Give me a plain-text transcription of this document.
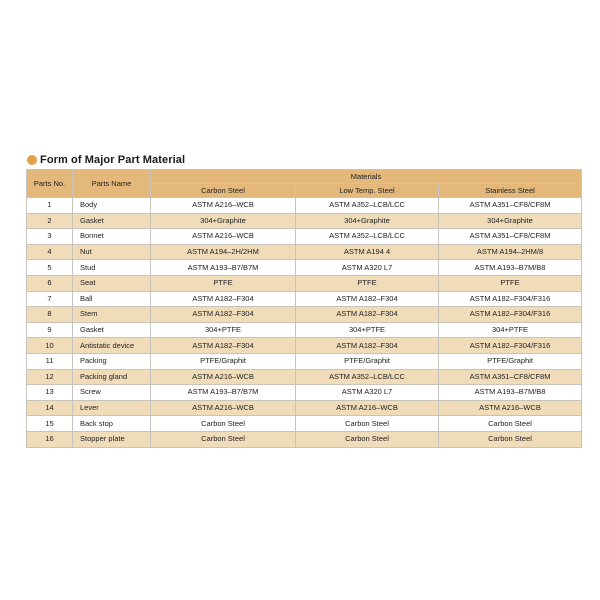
Form of Major Part Material
Parts No.	Parts Name	Materials		
		Carbon Steel	Low Temp. Steel	Stainless Steel
1	Body	ASTM A216–WCB	ASTM A352–LCB/LCC	ASTM A351–CF8/CF8M
2	Gasket	304+Graphite	304+Graphite	304+Graphite
3	Bonnet	ASTM A216–WCB	ASTM A352–LCB/LCC	ASTM A351–CF8/CF8M
4	Nut	ASTM A194–2H/2HM	ASTM A194 4	ASTM A194–2HM/8
5	Stud	ASTM A193–B7/B7M	ASTM A320 L7	ASTM A193–B7M/B8
6	Seat	PTFE	PTFE	PTFE
7	Ball	ASTM A182–F304	ASTM A182–F304	ASTM A182–F304/F316
8	Stem	ASTM A182–F304	ASTM A182–F304	ASTM A182–F304/F316
9	Gasket	304+PTFE	304+PTFE	304+PTFE
10	Antistatic device	ASTM A182–F304	ASTM A182–F304	ASTM A182–F304/F316
11	Packing	PTFE/Graphit	PTFE/Graphit	PTFE/Graphit
12	Packing gland	ASTM A216–WCB	ASTM A352–LCB/LCC	ASTM A351–CF8/CF8M
13	Screw	ASTM A193–B7/B7M	ASTM A320 L7	ASTM A193–B7M/B8
14	Lever	ASTM A216–WCB	ASTM A216–WCB	ASTM A216–WCB
15	Back stop	Carbon Steel	Carbon Steel	Carbon Steel
16	Stopper plate	Carbon Steel	Carbon Steel	Carbon Steel
